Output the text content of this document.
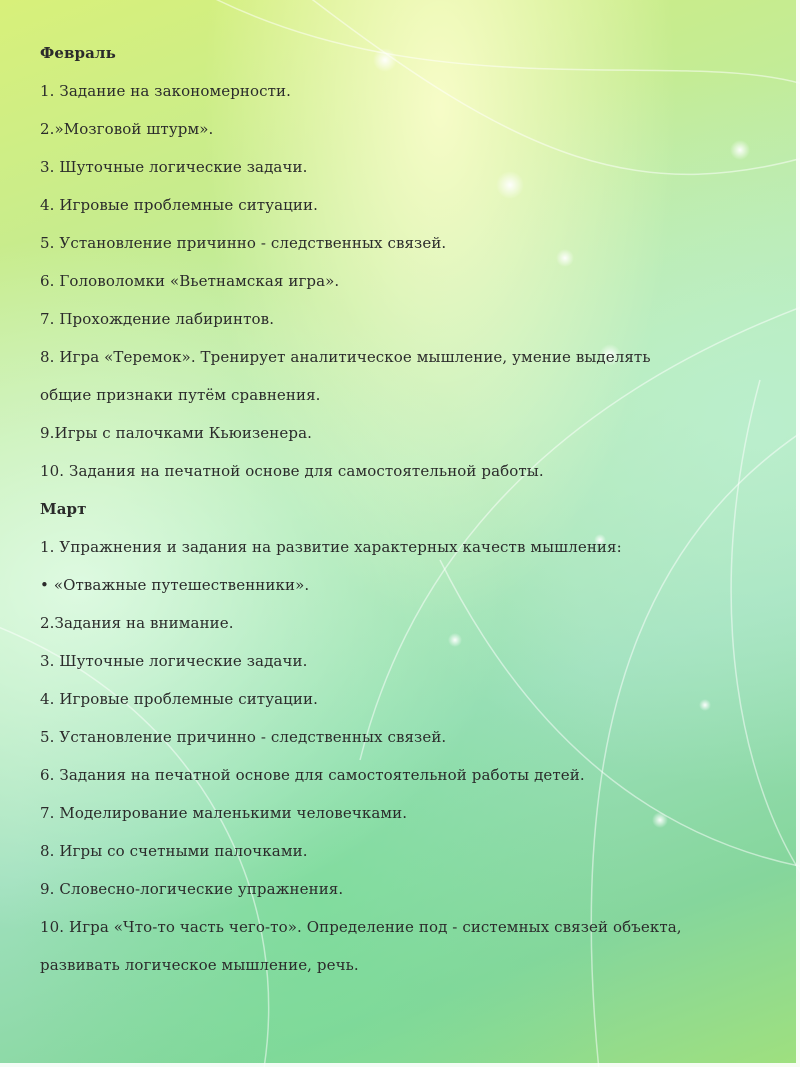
Февраль
1. Задание на закономерности.
2.»Мозговой штурм».
3. Шуточные логические задачи.
4. Игровые проблемные ситуации.
5. Установление причинно - следственных связей.
6. Головоломки «Вьетнамская игра».
7. Прохождение лабиринтов.
8. Игра «Теремок». Тренирует аналитическое мышление, умение выделять
общие признаки путём сравнения.
9.Игры с палочками Кьюизенера.
10. Задания на печатной основе для самостоятельной работы.
Март
1. Упражнения и задания на развитие характерных качеств мышления:
• «Отважные путешественники».
2.Задания на внимание.
3. Шуточные логические задачи.
4. Игровые проблемные ситуации.
5. Установление причинно - следственных связей.
6. Задания на печатной основе для самостоятельной работы детей.
7. Моделирование маленькими человечками.
8. Игры со счетными палочками.
9. Словесно-логические упражнения.
10. Игра «Что-то часть чего-то». Определение под - системных связей объекта,
развивать логическое мышление, речь.
